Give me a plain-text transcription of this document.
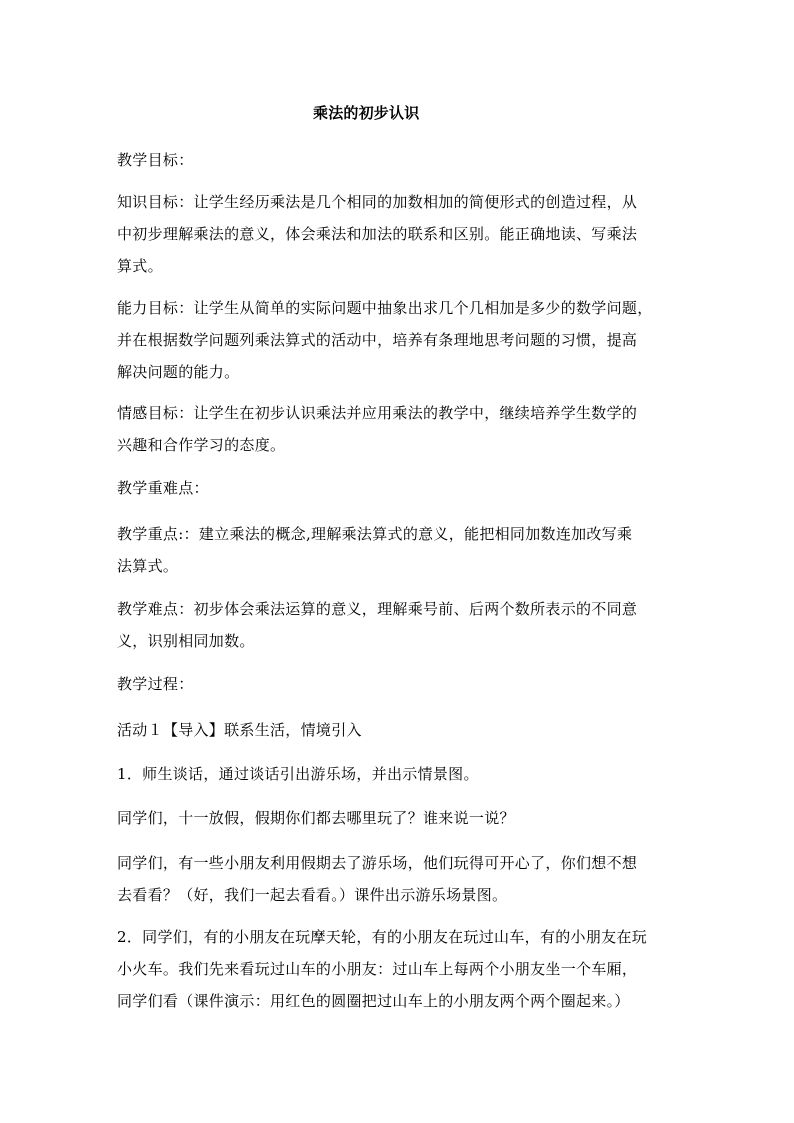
乘法的初步认识
教学目标：
知识目标：让学生经历乘法是几个相同的加数相加的简便形式的创造过程，从
中初步理解乘法的意义，体会乘法和加法的联系和区别。能正确地读、写乘法
算式。
能力目标：让学生从简单的实际问题中抽象出求几个几相加是多少的数学问题，
并在根据数学问题列乘法算式的活动中，培养有条理地思考问题的习惯，提高
解决问题的能力。
情感目标：让学生在初步认识乘法并应用乘法的教学中，继续培养学生数学的
兴趣和合作学习的态度。
教学重难点：
教学重点:：建立乘法的概念,理解乘法算式的意义，能把相同加数连加改写乘
法算式。
教学难点：初步体会乘法运算的意义，理解乘号前、后两个数所表示的不同意
义，识别相同加数。
教学过程：
活动１【导入】联系生活，情境引入
1．师生谈话，通过谈话引出游乐场，并出示情景图。
同学们，十一放假，假期你们都去哪里玩了？谁来说一说？
同学们，有一些小朋友利用假期去了游乐场，他们玩得可开心了，你们想不想
去看看？（好，我们一起去看看。）课件出示游乐场景图。
2．同学们，有的小朋友在玩摩天轮，有的小朋友在玩过山车，有的小朋友在玩
小火车。我们先来看玩过山车的小朋友：过山车上每两个小朋友坐一个车厢，
同学们看（课件演示：用红色的圆圈把过山车上的小朋友两个两个圈起来。）
